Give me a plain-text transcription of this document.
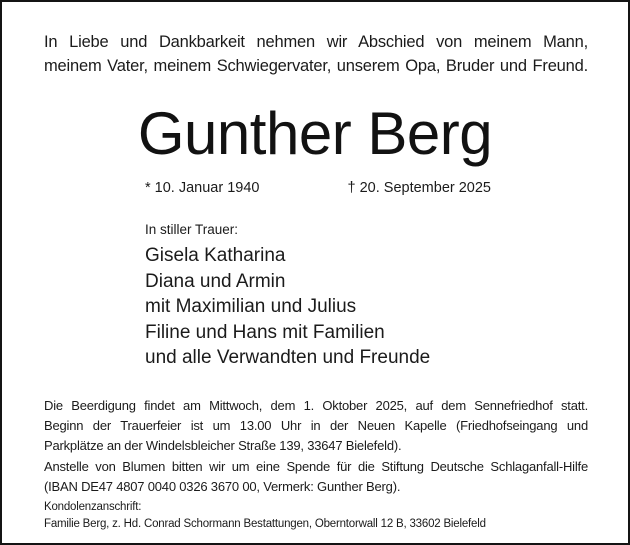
In Liebe und Dankbarkeit nehmen wir Abschied von meinem Mann,
meinem Vater, meinem Schwiegervater, unserem Opa, Bruder und Freund.
Gunther Berg
* 10. Januar 1940	† 20. September 2025
In stiller Trauer:
Gisela Katharina
Diana und Armin
mit Maximilian und Julius
Filine und Hans mit Familien
und alle Verwandten und Freunde
Die Beerdigung findet am Mittwoch, dem 1. Oktober 2025, auf dem Sennefriedhof statt.
Beginn der Trauerfeier ist um 13.00 Uhr in der Neuen Kapelle (Friedhofseingang und
Parkplätze an der Windelsbleicher Straße 139, 33647 Bielefeld).
Anstelle von Blumen bitten wir um eine Spende für die Stiftung Deutsche Schlaganfall-Hilfe
(IBAN DE47 4807 0040 0326 3670 00, Vermerk: Gunther Berg).
Kondolenzanschrift:
Familie Berg, z. Hd. Conrad Schormann Bestattungen, Oberntorwall 12 B, 33602 Bielefeld
